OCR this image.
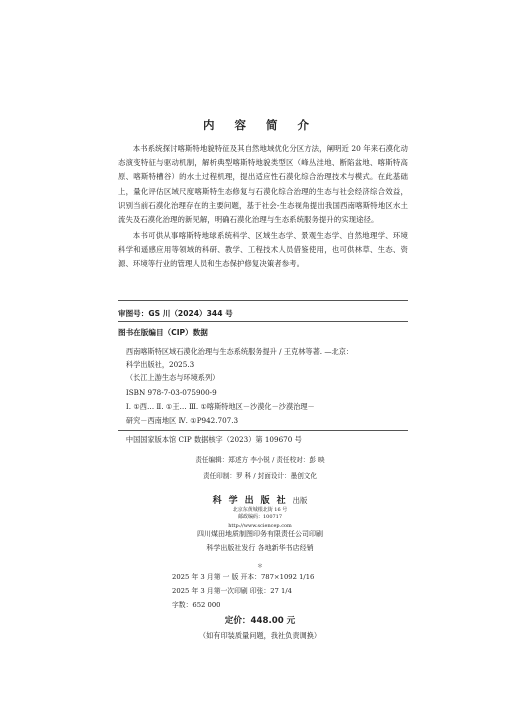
内 容 简 介

本书系统探讨喀斯特地貌特征及其自然地域优化分区方法，阐明近 20 年来石漠化动态演变特征与驱动机制，解析典型喀斯特地貌类型区（峰丛洼地、断陷盆地、喀斯特高原、喀斯特槽谷）的水土过程机理，提出适应性石漠化综合治理技术与模式。在此基础上，量化评估区域尺度喀斯特生态修复与石漠化综合治理的生态与社会经济综合效益，识别当前石漠化治理存在的主要问题，基于社会-生态视角提出我国西南喀斯特地区水土流失及石漠化治理的新见解，明确石漠化治理与生态系统服务提升的实现途径。

本书可供从事喀斯特地球系统科学、区域生态学、景观生态学、自然地理学、环境科学和遥感应用等领域的科研、教学、工程技术人员借鉴使用，也可供林草、生态、资源、环境等行业的管理人员和生态保护修复决策者参考。

审图号：GS 川（2024）344 号
图书在版编目（CIP）数据

西南喀斯特区域石漠化治理与生态系统服务提升 / 王克林等著. —北京：

科学出版社，2025.3

（长江上游生态与环境系列）

ISBN 978-7-03-075900-9

Ⅰ. ①西… Ⅱ. ①王… Ⅲ. ①喀斯特地区－沙漠化－沙漠治理－

研究－西南地区 Ⅳ. ①P942.707.3

中国国家版本馆 CIP 数据核字（2023）第 109670 号

责任编辑：郑述方 李小锐 / 责任校对：彭 映
责任印制：罗 科 / 封面设计：墨创文化
科学出版社出版
北京东黄城根北街 16 号
邮政编码：100717
http://www.sciencep.com
四川煤田地质制图印务有限责任公司印刷
科学出版社发行 各地新华书店经销
＊
2025 年 3 月第 一 版 开本：787×1092 1/16
2025 年 3 月第一次印刷 印张：27 1/4
字数：652 000
定价：448.00 元
（如有印装质量问题，我社负责调换）
